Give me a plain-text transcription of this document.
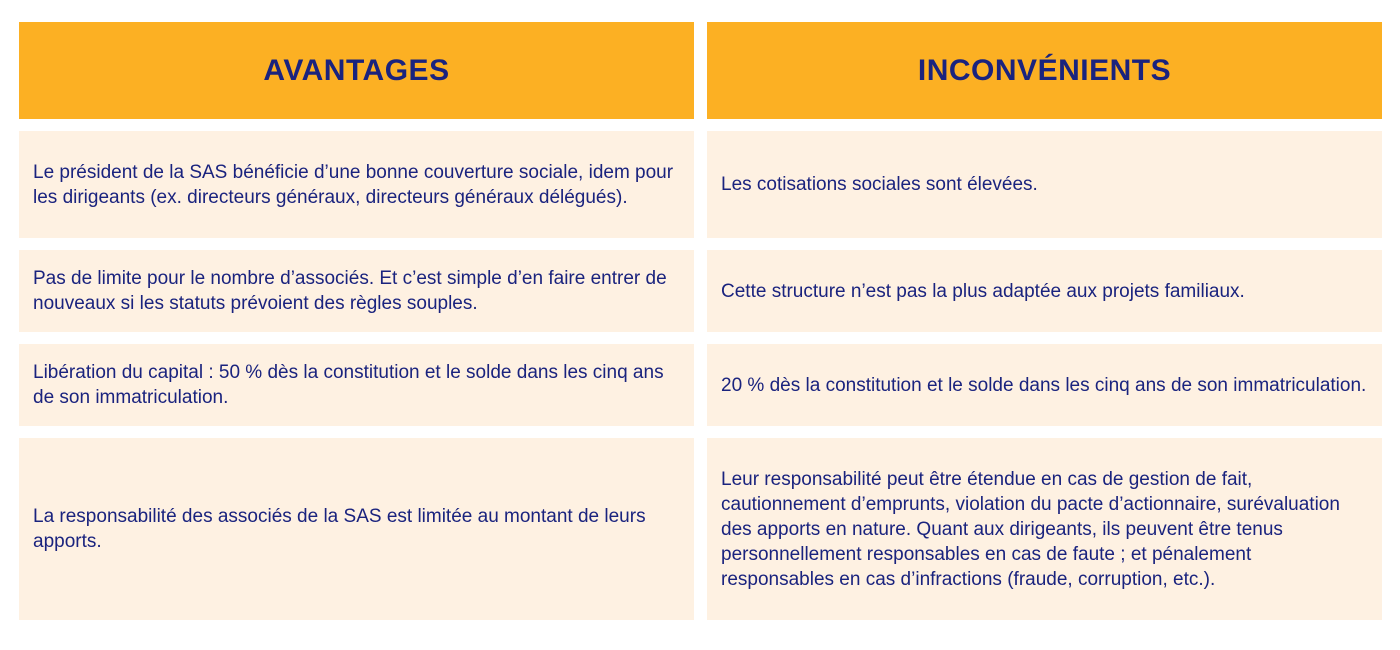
AVANTAGES	INCONVÉNIENTS
Le président de la SAS bénéficie d’une bonne couverture sociale, idem pour les dirigeants (ex. directeurs généraux, directeurs généraux délégués).
Les cotisations sociales sont élevées.
Pas de limite pour le nombre d’associés. Et c’est simple d’en faire entrer de nouveaux si les statuts prévoient des règles souples.
Cette structure n’est pas la plus adaptée aux projets familiaux.
Libération du capital : 50 % dès la constitution et le solde dans les cinq ans de son immatriculation.
20 % dès la constitution et le solde dans les cinq ans de son immatriculation.
La responsabilité des associés de la SAS est limitée au montant de leurs apports.
Leur responsabilité peut être étendue en cas de gestion de fait, cautionnement d’emprunts, violation du pacte d’actionnaire, surévaluation des apports en nature. Quant aux dirigeants, ils peuvent être tenus personnellement responsables en cas de faute ; et pénalement responsables en cas d’infractions (fraude, corruption, etc.).
